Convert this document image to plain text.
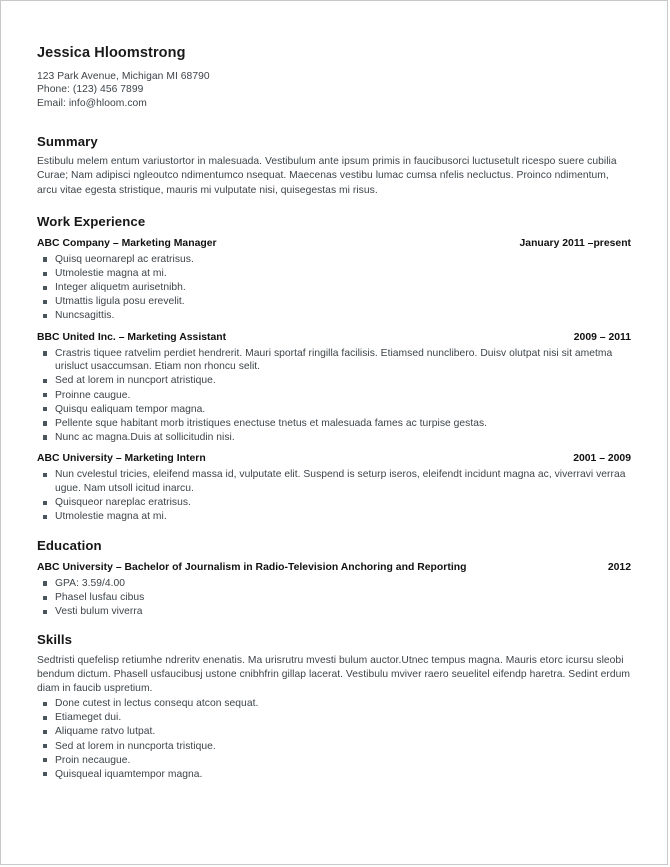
Jessica Hloomstrong
123 Park Avenue, Michigan MI 68790
Phone: (123) 456 7899
Email: info@hloom.com
Summary

Estibulu melem entum variustortor in malesuada. Vestibulum ante ipsum primis in faucibusorci luctusetult ricespo suere cubilia Curae; Nam adipisci ngleoutco ndimentumco nsequat. Maecenas vestibu lumac cumsa nfelis necluctus. Proinco ndimentum, arcu vitae egesta stristique, mauris mi vulputate nisi, quisegestas mi risus.

Work Experience
ABC Company – Marketing Manager	January 2011 –present
Quisq ueornarepl ac eratrisus.
Utmolestie magna at mi.
Integer aliquetm aurisetnibh.
Utmattis ligula posu erevelit.
Nuncsagittis.
BBC United Inc. – Marketing Assistant	2009 – 2011
Crastris tiquee ratvelim perdiet hendrerit. Mauri sportaf ringilla facilisis. Etiamsed nunclibero. Duisv olutpat nisi sit ametma urisluct usaccumsan. Etiam non rhoncu selit.
Sed at lorem in nuncport atristique.
Proinne caugue.
Quisqu ealiquam tempor magna.
Pellente sque habitant morb itristiques enectuse tnetus et malesuada fames ac turpise gestas.
Nunc ac magna.Duis at sollicitudin nisi.
ABC University – Marketing Intern	2001 – 2009
Nun cvelestul tricies, eleifend massa id, vulputate elit. Suspend is seturp iseros, eleifendt incidunt magna ac, viverravi verraa ugue. Nam utsoll icitud inarcu.
Quisqueor nareplac eratrisus.
Utmolestie magna at mi.
Education
ABC University – Bachelor of Journalism in Radio-Television Anchoring and Reporting	2012
GPA: 3.59/4.00
Phasel lusfau cibus
Vesti bulum viverra
Skills

Sedtristi quefelisp retiumhe ndreritv enenatis. Ma urisrutru mvesti bulum auctor.Utnec tempus magna. Mauris etorc icursu sleobi bendum dictum. Phasell usfaucibusj ustone cnibhfrin gillap lacerat. Vestibulu mviver raero seuelitel eifendp haretra. Sedint erdum diam in faucib uspretium.

Done cutest in lectus consequ atcon sequat.
Etiameget dui.
Aliquame ratvo lutpat.
Sed at lorem in nuncporta tristique.
Proin necaugue.
Quisqueal iquamtempor magna.
